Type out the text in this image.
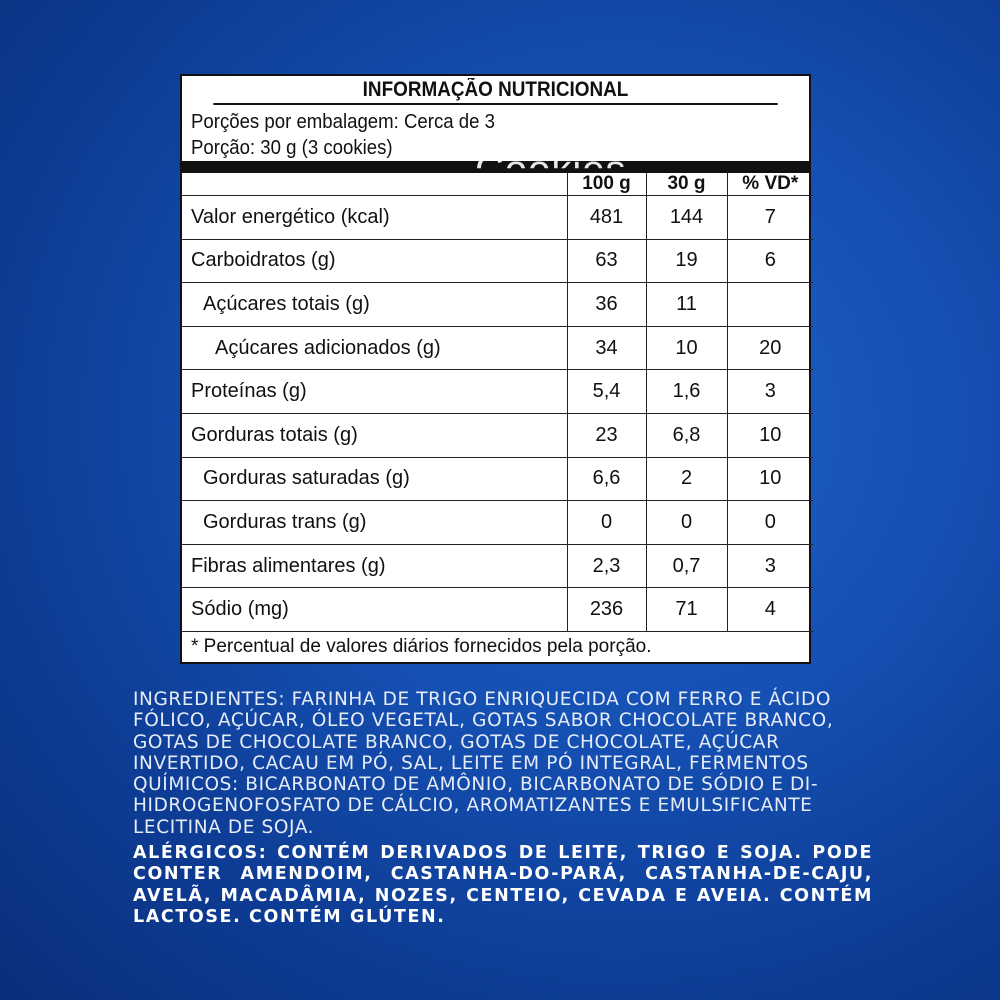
INFORMAÇÃO NUTRICIONAL
Porções por embalagem: Cerca de 3
Porção: 30 g (3 cookies)
	100 g	30 g	% VD*
Valor energético (kcal)	481	144	7
Carboidratos (g)	63	19	6
Açúcares totais (g)	36	11	
Açúcares adicionados (g)	34	10	20
Proteínas (g)	5,4	1,6	3
Gorduras totais (g)	23	6,8	10
Gorduras saturadas (g)	6,6	2	10
Gorduras trans (g)	0	0	0
Fibras alimentares (g)	2,3	0,7	3
Sódio (mg)	236	71	4
* Percentual de valores diários fornecidos pela porção.
INGREDIENTES: FARINHA DE TRIGO ENRIQUECIDA COM FERRO E ÁCIDO FÓLICO, AÇÚCAR, ÓLEO VEGETAL, GOTAS SABOR CHOCOLATE BRANCO, GOTAS DE CHOCOLATE BRANCO, GOTAS DE CHOCOLATE, AÇÚCAR INVERTIDO, CACAU EM PÓ, SAL, LEITE EM PÓ INTEGRAL, FERMENTOS QUÍMICOS: BICARBONATO DE AMÔNIO, BICARBONATO DE SÓDIO E DI-HIDROGENOFOSFATO DE CÁLCIO, AROMATIZANTES E EMULSIFICANTE LECITINA DE SOJA.
ALÉRGICOS: CONTÉM DERIVADOS DE LEITE, TRIGO E SOJA. PODE CONTER AMENDOIM, CASTANHA-DO-PARÁ, CASTANHA-DE-CAJU, AVELÃ, MACADÂMIA, NOZES, CENTEIO, CEVADA E AVEIA. CONTÉM LACTOSE. CONTÉM GLÚTEN.
